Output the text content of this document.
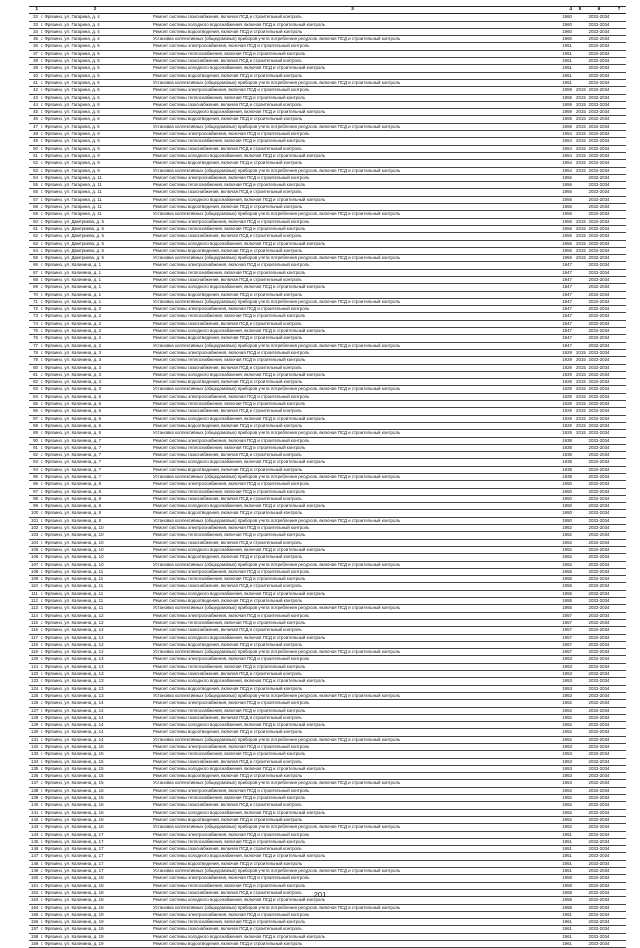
1	2	3	4	5	6	7
32	г. Фрязино, ул. Гагарина, д. 4	Ремонт системы газоснабжения, включая ПСД и строительный контроль	1960		2032-2034	
33	г. Фрязино, ул. Гагарина, д. 4	Ремонт системы холодного водоснабжения, включая ПСД и строительный контроль	1960		2032-2034	
34	г. Фрязино, ул. Гагарина, д. 4	Ремонт системы водоотведения, включая ПСД и строительный контроль	1960		2032-2034	
35	г. Фрязино, ул. Гагарина, д. 4	Установка коллективных (общедомовых) приборов учета потребления ресурсов, включая ПСД и строительный контроль	1960		2032-2034	
36	г. Фрязино, ул. Гагарина, д. 5	Ремонт системы электроснабжения, включая ПСД и строительный контроль	1951		2032-2034	
37	г. Фрязино, ул. Гагарина, д. 5	Ремонт системы теплоснабжения, включая ПСД и строительный контроль	1951		2032-2034	
38	г. Фрязино, ул. Гагарина, д. 5	Ремонт системы газоснабжения, включая ПСД и строительный контроль	1951		2032-2034	
39	г. Фрязино, ул. Гагарина, д. 5	Ремонт системы холодного водоснабжения, включая ПСД и строительный контроль	1951		2032-2034	
40	г. Фрязино, ул. Гагарина, д. 5	Ремонт системы водоотведения, включая ПСД и строительный контроль	1951		2032-2034	
41	г. Фрязино, ул. Гагарина, д. 5	Установка коллективных (общедомовых) приборов учета потребления ресурсов, включая ПСД и строительный контроль	1951		2032-2034	
42	г. Фрязино, ул. Гагарина, д. 6	Ремонт системы электроснабжения, включая ПСД и строительный контроль	1959	2015	2032-2034	
43	г. Фрязино, ул. Гагарина, д. 6	Ремонт системы теплоснабжения, включая ПСД и строительный контроль	1959	2015	2032-2034	
44	г. Фрязино, ул. Гагарина, д. 6	Ремонт системы газоснабжения, включая ПСД и строительный контроль	1959	2015	2032-2034	
45	г. Фрязино, ул. Гагарина, д. 6	Ремонт системы холодного водоснабжения, включая ПСД и строительный контроль	1959	2015	2032-2034	
46	г. Фрязино, ул. Гагарина, д. 6	Ремонт системы водоотведения, включая ПСД и строительный контроль	1959	2015	2032-2034	
47	г. Фрязино, ул. Гагарина, д. 6	Установка коллективных (общедомовых) приборов учета потребления ресурсов, включая ПСД и строительный контроль	1959	2015	2032-2034	
48	г. Фрязино, ул. Гагарина, д. 9	Ремонт системы электроснабжения, включая ПСД и строительный контроль	1954	2015	2032-2034	
49	г. Фрязино, ул. Гагарина, д. 9	Ремонт системы теплоснабжения, включая ПСД и строительный контроль	1954	2015	2032-2034	
50	г. Фрязино, ул. Гагарина, д. 9	Ремонт системы газоснабжения, включая ПСД и строительный контроль	1954	2015	2032-2034	
51	г. Фрязино, ул. Гагарина, д. 9	Ремонт системы холодного водоснабжения, включая ПСД и строительный контроль	1954	2015	2032-2034	
52	г. Фрязино, ул. Гагарина, д. 9	Ремонт системы водоотведения, включая ПСД и строительный контроль	1954	2015	2032-2034	
53	г. Фрязино, ул. Гагарина, д. 9	Установка коллективных (общедомовых) приборов учета потребления ресурсов, включая ПСД и строительный контроль	1954	2015	2032-2034	
54	г. Фрязино, ул. Гагарина, д. 11	Ремонт системы электроснабжения, включая ПСД и строительный контроль	1956		2032-2034	
55	г. Фрязино, ул. Гагарина, д. 11	Ремонт системы теплоснабжения, включая ПСД и строительный контроль	1956		2032-2034	
56	г. Фрязино, ул. Гагарина, д. 11	Ремонт системы газоснабжения, включая ПСД и строительный контроль	1956		2032-2034	
57	г. Фрязино, ул. Гагарина, д. 11	Ремонт системы холодного водоснабжения, включая ПСД и строительный контроль	1956		2032-2034	
58	г. Фрязино, ул. Гагарина, д. 11	Ремонт системы водоотведения, включая ПСД и строительный контроль	1956		2032-2034	
59	г. Фрязино, ул. Гагарина, д. 11	Установка коллективных (общедомовых) приборов учета потребления ресурсов, включая ПСД и строительный контроль	1956		2032-2034	
60	г. Фрязино, ул. Дмитриева, д. 5	Ремонт системы электроснабжения, включая ПСД и строительный контроль	1956	2015	2032-2034	
61	г. Фрязино, ул. Дмитриева, д. 5	Ремонт системы теплоснабжения, включая ПСД и строительный контроль	1956	2015	2032-2034	
62	г. Фрязино, ул. Дмитриева, д. 5	Ремонт системы газоснабжения, включая ПСД и строительный контроль	1956	2015	2032-2034	
63	г. Фрязино, ул. Дмитриева, д. 5	Ремонт системы холодного водоснабжения, включая ПСД и строительный контроль	1956	2015	2032-2034	
64	г. Фрязино, ул. Дмитриева, д. 5	Ремонт системы водоотведения, включая ПСД и строительный контроль	1956	2015	2032-2034	
65	г. Фрязино, ул. Дмитриева, д. 5	Установка коллективных (общедомовых) приборов учета потребления ресурсов, включая ПСД и строительный контроль	1956	2015	2032-2034	
66	г. Фрязино, ул. Калинина, д. 1	Ремонт системы электроснабжения, включая ПСД и строительный контроль	1947		2032-2034	
67	г. Фрязино, ул. Калинина, д. 1	Ремонт системы теплоснабжения, включая ПСД и строительный контроль	1947		2032-2034	
68	г. Фрязино, ул. Калинина, д. 1	Ремонт системы газоснабжения, включая ПСД и строительный контроль	1947		2032-2034	
69	г. Фрязино, ул. Калинина, д. 1	Ремонт системы холодного водоснабжения, включая ПСД и строительный контроль	1947		2032-2034	
70	г. Фрязино, ул. Калинина, д. 1	Ремонт системы водоотведения, включая ПСД и строительный контроль	1947		2032-2034	
71	г. Фрязино, ул. Калинина, д. 1	Установка коллективных (общедомовых) приборов учета потребления ресурсов, включая ПСД и строительный контроль	1947		2032-2034	
72	г. Фрязино, ул. Калинина, д. 2	Ремонт системы электроснабжения, включая ПСД и строительный контроль	1947		2032-2034	
73	г. Фрязино, ул. Калинина, д. 2	Ремонт системы теплоснабжения, включая ПСД и строительный контроль	1947		2032-2034	
74	г. Фрязино, ул. Калинина, д. 2	Ремонт системы газоснабжения, включая ПСД и строительный контроль	1947		2032-2034	
75	г. Фрязино, ул. Калинина, д. 2	Ремонт системы холодного водоснабжения, включая ПСД и строительный контроль	1947		2032-2034	
76	г. Фрязино, ул. Калинина, д. 2	Ремонт системы водоотведения, включая ПСД и строительный контроль	1947		2032-2034	
77	г. Фрязино, ул. Калинина, д. 2	Установка коллективных (общедомовых) приборов учета потребления ресурсов, включая ПСД и строительный контроль	1947		2032-2034	
78	г. Фрязино, ул. Калинина, д. 3	Ремонт системы электроснабжения, включая ПСД и строительный контроль	1929	2015	2032-2034	
79	г. Фрязино, ул. Калинина, д. 3	Ремонт системы теплоснабжения, включая ПСД и строительный контроль	1929	2015	2032-2034	
80	г. Фрязино, ул. Калинина, д. 3	Ремонт системы газоснабжения, включая ПСД и строительный контроль	1929	2015	2032-2034	
81	г. Фрязино, ул. Калинина, д. 3	Ремонт системы холодного водоснабжения, включая ПСД и строительный контроль	1929	2015	2032-2034	
82	г. Фрязино, ул. Калинина, д. 3	Ремонт системы водоотведения, включая ПСД и строительный контроль	1929	2015	2032-2034	
83	г. Фрязино, ул. Калинина, д. 3	Установка коллективных (общедомовых) приборов учета потребления ресурсов, включая ПСД и строительный контроль	1929	2015	2032-2034	
84	г. Фрязино, ул. Калинина, д. 6	Ремонт системы электроснабжения, включая ПСД и строительный контроль	1929	2015	2032-2034	
85	г. Фрязино, ул. Калинина, д. 6	Ремонт системы теплоснабжения, включая ПСД и строительный контроль	1929	2015	2032-2034	
86	г. Фрязино, ул. Калинина, д. 6	Ремонт системы газоснабжения, включая ПСД и строительный контроль	1929	2015	2032-2034	
87	г. Фрязино, ул. Калинина, д. 6	Ремонт системы холодного водоснабжения, включая ПСД и строительный контроль	1929	2015	2032-2034	
88	г. Фрязино, ул. Калинина, д. 6	Ремонт системы водоотведения, включая ПСД и строительный контроль	1929	2015	2032-2034	
89	г. Фрязино, ул. Калинина, д. 6	Установка коллективных (общедомовых) приборов учета потребления ресурсов, включая ПСД и строительный контроль	1929	2015	2032-2034	
90	г. Фрязино, ул. Калинина, д. 7	Ремонт системы электроснабжения, включая ПСД и строительный контроль	1938		2032-2034	
91	г. Фрязино, ул. Калинина, д. 7	Ремонт системы теплоснабжения, включая ПСД и строительный контроль	1938		2032-2034	
92	г. Фрязино, ул. Калинина, д. 7	Ремонт системы газоснабжения, включая ПСД и строительный контроль	1938		2032-2034	
93	г. Фрязино, ул. Калинина, д. 7	Ремонт системы холодного водоснабжения, включая ПСД и строительный контроль	1938		2032-2034	
94	г. Фрязино, ул. Калинина, д. 7	Ремонт системы водоотведения, включая ПСД и строительный контроль	1938		2032-2034	
95	г. Фрязино, ул. Калинина, д. 7	Установка коллективных (общедомовых) приборов учета потребления ресурсов, включая ПСД и строительный контроль	1938		2032-2034	
96	г. Фрязино, ул. Калинина, д. 8	Ремонт системы электроснабжения, включая ПСД и строительный контроль	1950		2032-2034	
97	г. Фрязино, ул. Калинина, д. 8	Ремонт системы теплоснабжения, включая ПСД и строительный контроль	1950		2032-2034	
98	г. Фрязино, ул. Калинина, д. 8	Ремонт системы газоснабжения, включая ПСД и строительный контроль	1950		2032-2034	
99	г. Фрязино, ул. Калинина, д. 8	Ремонт системы холодного водоснабжения, включая ПСД и строительный контроль	1950		2032-2034	
100	г. Фрязино, ул. Калинина, д. 8	Ремонт системы водоотведения, включая ПСД и строительный контроль	1950		2032-2034	
101	г. Фрязино, ул. Калинина, д. 8	Установка коллективных (общедомовых) приборов учета потребления ресурсов, включая ПСД и строительный контроль	1950		2032-2034	
102	г. Фрязино, ул. Калинина, д. 10	Ремонт системы электроснабжения, включая ПСД и строительный контроль	1952		2032-2034	
103	г. Фрязино, ул. Калинина, д. 10	Ремонт системы теплоснабжения, включая ПСД и строительный контроль	1952		2032-2034	
104	г. Фрязино, ул. Калинина, д. 10	Ремонт системы газоснабжения, включая ПСД и строительный контроль	1952		2032-2034	
105	г. Фрязино, ул. Калинина, д. 10	Ремонт системы холодного водоснабжения, включая ПСД и строительный контроль	1952		2032-2034	
106	г. Фрязино, ул. Калинина, д. 10	Ремонт системы водоотведения, включая ПСД и строительный контроль	1952		2032-2034	
107	г. Фрязино, ул. Калинина, д. 10	Установка коллективных (общедомовых) приборов учета потребления ресурсов, включая ПСД и строительный контроль	1952		2032-2034	
108	г. Фрязино, ул. Калинина, д. 11	Ремонт системы электроснабжения, включая ПСД и строительный контроль	1955		2032-2034	
109	г. Фрязино, ул. Калинина, д. 11	Ремонт системы теплоснабжения, включая ПСД и строительный контроль	1955		2032-2034	
110	г. Фрязино, ул. Калинина, д. 11	Ремонт системы газоснабжения, включая ПСД и строительный контроль	1955		2032-2034	
111	г. Фрязино, ул. Калинина, д. 11	Ремонт системы холодного водоснабжения, включая ПСД и строительный контроль	1955		2032-2034	
112	г. Фрязино, ул. Калинина, д. 11	Ремонт системы водоотведения, включая ПСД и строительный контроль	1955		2032-2034	
113	г. Фрязино, ул. Калинина, д. 11	Установка коллективных (общедомовых) приборов учета потребления ресурсов, включая ПСД и строительный контроль	1955		2032-2034	
114	г. Фрязино, ул. Калинина, д. 12	Ремонт системы электроснабжения, включая ПСД и строительный контроль	1957		2032-2034	
115	г. Фрязино, ул. Калинина, д. 12	Ремонт системы теплоснабжения, включая ПСД и строительный контроль	1957		2032-2034	
116	г. Фрязино, ул. Калинина, д. 12	Ремонт системы газоснабжения, включая ПСД и строительный контроль	1957		2032-2034	
117	г. Фрязино, ул. Калинина, д. 12	Ремонт системы холодного водоснабжения, включая ПСД и строительный контроль	1957		2032-2034	
118	г. Фрязино, ул. Калинина, д. 12	Ремонт системы водоотведения, включая ПСД и строительный контроль	1957		2032-2034	
119	г. Фрязино, ул. Калинина, д. 12	Установка коллективных (общедомовых) приборов учета потребления ресурсов, включая ПСД и строительный контроль	1957		2032-2034	
120	г. Фрязино, ул. Калинина, д. 13	Ремонт системы электроснабжения, включая ПСД и строительный контроль	1953		2032-2034	
121	г. Фрязино, ул. Калинина, д. 13	Ремонт системы теплоснабжения, включая ПСД и строительный контроль	1953		2032-2034	
122	г. Фрязино, ул. Калинина, д. 13	Ремонт системы газоснабжения, включая ПСД и строительный контроль	1953		2032-2034	
123	г. Фрязино, ул. Калинина, д. 13	Ремонт системы холодного водоснабжения, включая ПСД и строительный контроль	1953		2032-2034	
124	г. Фрязино, ул. Калинина, д. 13	Ремонт системы водоотведения, включая ПСД и строительный контроль	1953		2032-2034	
125	г. Фрязино, ул. Калинина, д. 13	Установка коллективных (общедомовых) приборов учета потребления ресурсов, включая ПСД и строительный контроль	1953		2032-2034	
126	г. Фрязино, ул. Калинина, д. 14	Ремонт системы электроснабжения, включая ПСД и строительный контроль	1952		2032-2034	
127	г. Фрязино, ул. Калинина, д. 14	Ремонт системы теплоснабжения, включая ПСД и строительный контроль	1952		2032-2034	
128	г. Фрязино, ул. Калинина, д. 14	Ремонт системы газоснабжения, включая ПСД и строительный контроль	1952		2032-2034	
129	г. Фрязино, ул. Калинина, д. 14	Ремонт системы холодного водоснабжения, включая ПСД и строительный контроль	1952		2032-2034	
130	г. Фрязино, ул. Калинина, д. 14	Ремонт системы водоотведения, включая ПСД и строительный контроль	1952		2032-2034	
131	г. Фрязино, ул. Калинина, д. 14	Установка коллективных (общедомовых) приборов учета потребления ресурсов, включая ПСД и строительный контроль	1952		2032-2034	
132	г. Фрязино, ул. Калинина, д. 15	Ремонт системы электроснабжения, включая ПСД и строительный контроль	1953		2032-2034	
133	г. Фрязино, ул. Калинина, д. 15	Ремонт системы теплоснабжения, включая ПСД и строительный контроль	1953		2032-2034	
134	г. Фрязино, ул. Калинина, д. 15	Ремонт системы газоснабжения, включая ПСД и строительный контроль	1953		2032-2034	
135	г. Фрязино, ул. Калинина, д. 15	Ремонт системы холодного водоснабжения, включая ПСД и строительный контроль	1953		2032-2034	
136	г. Фрязино, ул. Калинина, д. 15	Ремонт системы водоотведения, включая ПСД и строительный контроль	1953		2032-2034	
137	г. Фрязино, ул. Калинина, д. 15	Установка коллективных (общедомовых) приборов учета потребления ресурсов, включая ПСД и строительный контроль	1953		2032-2034	
138	г. Фрязино, ул. Калинина, д. 16	Ремонт системы электроснабжения, включая ПСД и строительный контроль	1952		2032-2034	
139	г. Фрязино, ул. Калинина, д. 16	Ремонт системы теплоснабжения, включая ПСД и строительный контроль	1952		2032-2034	
140	г. Фрязино, ул. Калинина, д. 16	Ремонт системы газоснабжения, включая ПСД и строительный контроль	1952		2032-2034	
141	г. Фрязино, ул. Калинина, д. 16	Ремонт системы холодного водоснабжения, включая ПСД и строительный контроль	1952		2032-2034	
142	г. Фрязино, ул. Калинина, д. 16	Ремонт системы водоотведения, включая ПСД и строительный контроль	1952		2032-2034	
143	г. Фрязино, ул. Калинина, д. 16	Установка коллективных (общедомовых) приборов учета потребления ресурсов, включая ПСД и строительный контроль	1952		2032-2034	
144	г. Фрязино, ул. Калинина, д. 17	Ремонт системы электроснабжения, включая ПСД и строительный контроль	1951		2032-2034	
145	г. Фрязино, ул. Калинина, д. 17	Ремонт системы теплоснабжения, включая ПСД и строительный контроль	1951		2032-2034	
146	г. Фрязино, ул. Калинина, д. 17	Ремонт системы газоснабжения, включая ПСД и строительный контроль	1951		2032-2034	
147	г. Фрязино, ул. Калинина, д. 17	Ремонт системы холодного водоснабжения, включая ПСД и строительный контроль	1951		2032-2034	
148	г. Фрязино, ул. Калинина, д. 17	Ремонт системы водоотведения, включая ПСД и строительный контроль	1951		2032-2034	
149	г. Фрязино, ул. Калинина, д. 17	Установка коллективных (общедомовых) приборов учета потребления ресурсов, включая ПСД и строительный контроль	1951		2032-2034	
150	г. Фрязино, ул. Калинина, д. 18	Ремонт системы электроснабжения, включая ПСД и строительный контроль	1958		2032-2034	
151	г. Фрязино, ул. Калинина, д. 18	Ремонт системы теплоснабжения, включая ПСД и строительный контроль	1958		2032-2034	
152	г. Фрязино, ул. Калинина, д. 18	Ремонт системы газоснабжения, включая ПСД и строительный контроль	1958		2032-2034	
153	г. Фрязино, ул. Калинина, д. 18	Ремонт системы холодного водоснабжения, включая ПСД и строительный контроль	1958		2032-2034	
154	г. Фрязино, ул. Калинина, д. 18	Установка коллективных (общедомовых) приборов учета потребления ресурсов, включая ПСД и строительный контроль	1958		2032-2034	
155	г. Фрязино, ул. Калинина, д. 19	Ремонт системы электроснабжения, включая ПСД и строительный контроль	1961		2032-2034	
156	г. Фрязино, ул. Калинина, д. 19	Ремонт системы теплоснабжения, включая ПСД и строительный контроль	1961		2032-2034	
157	г. Фрязино, ул. Калинина, д. 19	Ремонт системы газоснабжения, включая ПСД и строительный контроль	1961		2032-2034	
158	г. Фрязино, ул. Калинина, д. 19	Ремонт системы холодного водоснабжения, включая ПСД и строительный контроль	1961		2032-2034	
159	г. Фрязино, ул. Калинина, д. 19	Ремонт системы водоотведения, включая ПСД и строительный контроль	1961		2032-2034	
201
